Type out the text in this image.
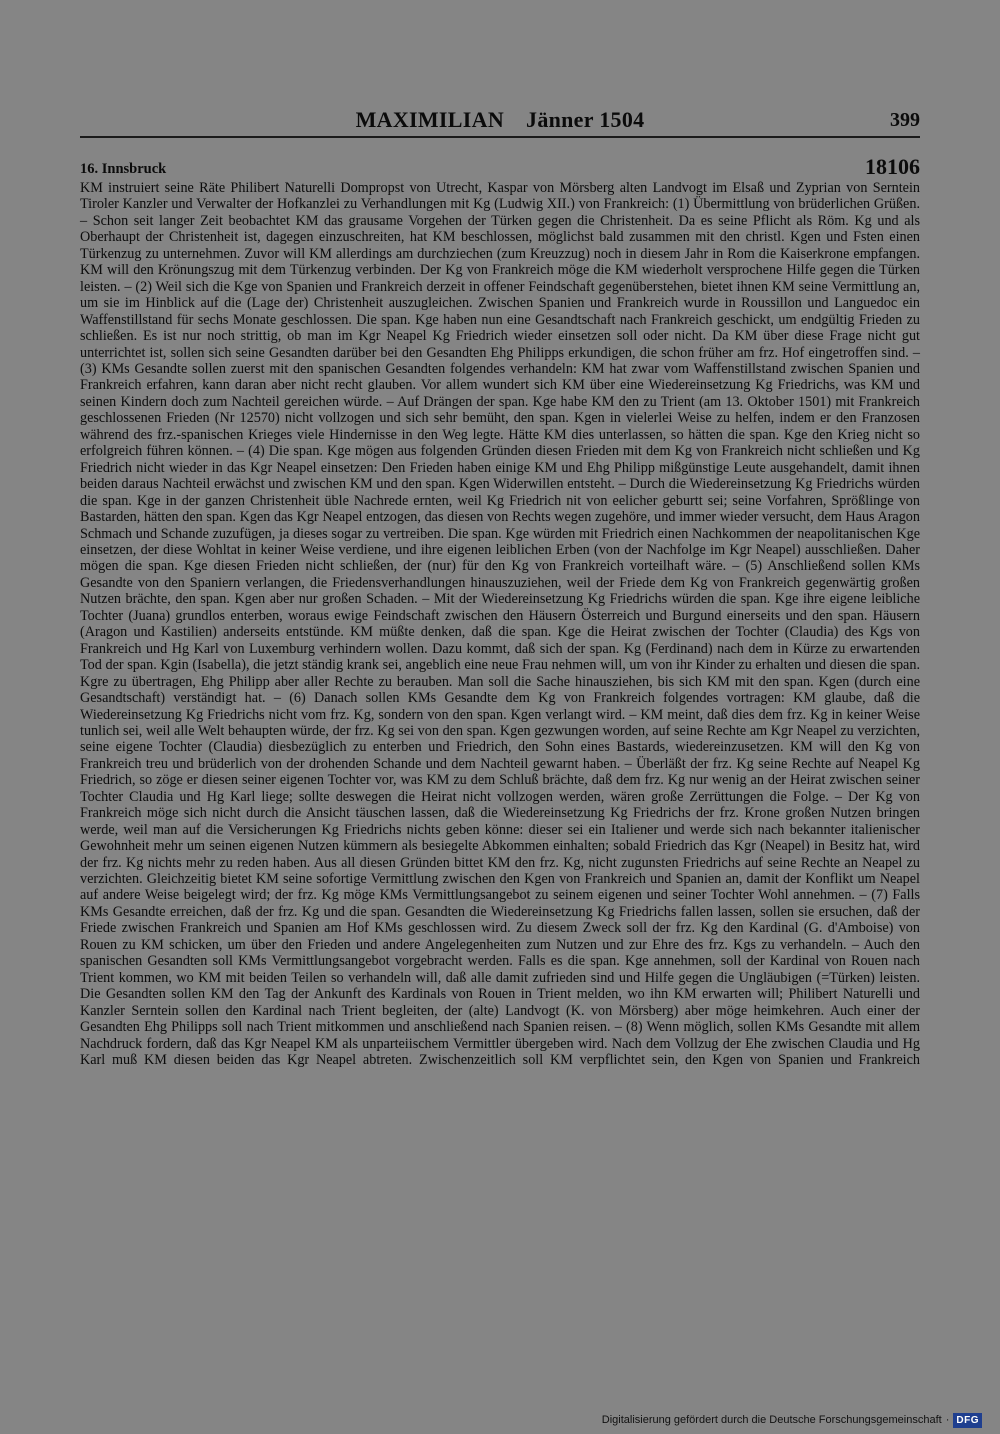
MAXIMILIAN Jänner 1504	399
16. Innsbruck	18106

KM instruiert seine Räte Philibert Naturelli Dompropst von Utrecht, Kaspar von Mörsberg alten Landvogt im Elsaß und Zyprian von Serntein Tiroler Kanzler und Verwalter der Hofkanzlei zu Verhandlungen mit Kg (Ludwig XII.) von Frankreich: (1) Übermittlung von brüderlichen Grüßen. – Schon seit langer Zeit beobachtet KM das grausame Vorgehen der Türken gegen die Christenheit. Da es seine Pflicht als Röm. Kg und als Oberhaupt der Christenheit ist, dagegen einzuschreiten, hat KM beschlossen, möglichst bald zusammen mit den christl. Kgen und Fsten einen Türkenzug zu unternehmen. Zuvor will KM allerdings am durchziechen (zum Kreuzzug) noch in diesem Jahr in Rom die Kaiserkrone empfangen. KM will den Krönungszug mit dem Türkenzug verbinden. Der Kg von Frankreich möge die KM wiederholt versprochene Hilfe gegen die Türken leisten. – (2) Weil sich die Kge von Spanien und Frankreich derzeit in offener Feindschaft gegenüberstehen, bietet ihnen KM seine Vermittlung an, um sie im Hinblick auf die (Lage der) Christenheit auszugleichen. Zwischen Spanien und Frankreich wurde in Roussillon und Languedoc ein Waffenstillstand für sechs Monate geschlossen. Die span. Kge haben nun eine Gesandtschaft nach Frankreich geschickt, um endgültig Frieden zu schließen. Es ist nur noch strittig, ob man im Kgr Neapel Kg Friedrich wieder einsetzen soll oder nicht. Da KM über diese Frage nicht gut unterrichtet ist, sollen sich seine Gesandten darüber bei den Gesandten Ehg Philipps erkundigen, die schon früher am frz. Hof eingetroffen sind. – (3) KMs Gesandte sollen zuerst mit den spanischen Gesandten folgendes verhandeln: KM hat zwar vom Waffenstillstand zwischen Spanien und Frankreich erfahren, kann daran aber nicht recht glauben. Vor allem wundert sich KM über eine Wiedereinsetzung Kg Friedrichs, was KM und seinen Kindern doch zum Nachteil gereichen würde. – Auf Drängen der span. Kge habe KM den zu Trient (am 13. Oktober 1501) mit Frankreich geschlossenen Frieden (Nr 12570) nicht vollzogen und sich sehr bemüht, den span. Kgen in vielerlei Weise zu helfen, indem er den Franzosen während des frz.-spanischen Krieges viele Hindernisse in den Weg legte. Hätte KM dies unterlassen, so hätten die span. Kge den Krieg nicht so erfolgreich führen können. – (4) Die span. Kge mögen aus folgenden Gründen diesen Frieden mit dem Kg von Frankreich nicht schließen und Kg Friedrich nicht wieder in das Kgr Neapel einsetzen: Den Frieden haben einige KM und Ehg Philipp mißgünstige Leute ausgehandelt, damit ihnen beiden daraus Nachteil erwächst und zwischen KM und den span. Kgen Widerwillen entsteht. – Durch die Wiedereinsetzung Kg Friedrichs würden die span. Kge in der ganzen Christenheit üble Nachrede ernten, weil Kg Friedrich nit von eelicher geburtt sei; seine Vorfahren, Sprößlinge von Bastarden, hätten den span. Kgen das Kgr Neapel entzogen, das diesen von Rechts wegen zugehöre, und immer wieder versucht, dem Haus Aragon Schmach und Schande zuzufügen, ja dieses sogar zu vertreiben. Die span. Kge würden mit Friedrich einen Nachkommen der neapolitanischen Kge einsetzen, der diese Wohltat in keiner Weise verdiene, und ihre eigenen leiblichen Erben (von der Nachfolge im Kgr Neapel) ausschließen. Daher mögen die span. Kge diesen Frieden nicht schließen, der (nur) für den Kg von Frankreich vorteilhaft wäre. – (5) Anschließend sollen KMs Gesandte von den Spaniern verlangen, die Friedensverhandlungen hinauszuziehen, weil der Friede dem Kg von Frankreich gegenwärtig großen Nutzen brächte, den span. Kgen aber nur großen Schaden. – Mit der Wiedereinsetzung Kg Friedrichs würden die span. Kge ihre eigene leibliche Tochter (Juana) grundlos enterben, woraus ewige Feindschaft zwischen den Häusern Österreich und Burgund einerseits und den span. Häusern (Aragon und Kastilien) anderseits entstünde. KM müßte denken, daß die span. Kge die Heirat zwischen der Tochter (Claudia) des Kgs von Frankreich und Hg Karl von Luxemburg verhindern wollen. Dazu kommt, daß sich der span. Kg (Ferdinand) nach dem in Kürze zu erwartenden Tod der span. Kgin (Isabella), die jetzt ständig krank sei, angeblich eine neue Frau nehmen will, um von ihr Kinder zu erhalten und diesen die span. Kgre zu übertragen, Ehg Philipp aber aller Rechte zu berauben. Man soll die Sache hinausziehen, bis sich KM mit den span. Kgen (durch eine Gesandtschaft) verständigt hat. – (6) Danach sollen KMs Gesandte dem Kg von Frankreich folgendes vortragen: KM glaube, daß die Wiedereinsetzung Kg Friedrichs nicht vom frz. Kg, sondern von den span. Kgen verlangt wird. – KM meint, daß dies dem frz. Kg in keiner Weise tunlich sei, weil alle Welt behaupten würde, der frz. Kg sei von den span. Kgen gezwungen worden, auf seine Rechte am Kgr Neapel zu verzichten, seine eigene Tochter (Claudia) diesbezüglich zu enterben und Friedrich, den Sohn eines Bastards, wiedereinzusetzen. KM will den Kg von Frankreich treu und brüderlich von der drohenden Schande und dem Nachteil gewarnt haben. – Überläßt der frz. Kg seine Rechte auf Neapel Kg Friedrich, so zöge er diesen seiner eigenen Tochter vor, was KM zu dem Schluß brächte, daß dem frz. Kg nur wenig an der Heirat zwischen seiner Tochter Claudia und Hg Karl liege; sollte deswegen die Heirat nicht vollzogen werden, wären große Zerrüttungen die Folge. – Der Kg von Frankreich möge sich nicht durch die Ansicht täuschen lassen, daß die Wiedereinsetzung Kg Friedrichs der frz. Krone großen Nutzen bringen werde, weil man auf die Versicherungen Kg Friedrichs nichts geben könne: dieser sei ein Italiener und werde sich nach bekannter italienischer Gewohnheit mehr um seinen eigenen Nutzen kümmern als besiegelte Abkommen einhalten; sobald Friedrich das Kgr (Neapel) in Besitz hat, wird der frz. Kg nichts mehr zu reden haben. Aus all diesen Gründen bittet KM den frz. Kg, nicht zugunsten Friedrichs auf seine Rechte an Neapel zu verzichten. Gleichzeitig bietet KM seine sofortige Vermittlung zwischen den Kgen von Frankreich und Spanien an, damit der Konflikt um Neapel auf andere Weise beigelegt wird; der frz. Kg möge KMs Vermittlungsangebot zu seinem eigenen und seiner Tochter Wohl annehmen. – (7) Falls KMs Gesandte erreichen, daß der frz. Kg und die span. Gesandten die Wiedereinsetzung Kg Friedrichs fallen lassen, sollen sie ersuchen, daß der Friede zwischen Frankreich und Spanien am Hof KMs geschlossen wird. Zu diesem Zweck soll der frz. Kg den Kardinal (G. d'Amboise) von Rouen zu KM schicken, um über den Frieden und andere Angelegenheiten zum Nutzen und zur Ehre des frz. Kgs zu verhandeln. – Auch den spanischen Gesandten soll KMs Vermittlungsangebot vorgebracht werden. Falls es die span. Kge annehmen, soll der Kardinal von Rouen nach Trient kommen, wo KM mit beiden Teilen so verhandeln will, daß alle damit zufrieden sind und Hilfe gegen die Ungläubigen (=Türken) leisten. Die Gesandten sollen KM den Tag der Ankunft des Kardinals von Rouen in Trient melden, wo ihn KM erwarten will; Philibert Naturelli und Kanzler Serntein sollen den Kardinal nach Trient begleiten, der (alte) Landvogt (K. von Mörsberg) aber möge heimkehren. Auch einer der Gesandten Ehg Philipps soll nach Trient mitkommen und anschließend nach Spanien reisen. – (8) Wenn möglich, sollen KMs Gesandte mit allem Nachdruck fordern, daß das Kgr Neapel KM als unparteiischem Vermittler übergeben wird. Nach dem Vollzug der Ehe zwischen Claudia und Hg Karl muß KM diesen beiden das Kgr Neapel abtreten. Zwischenzeitlich soll KM verpflichtet sein, den Kgen von Spanien und Frankreich

Digitalisierung gefördert durch die Deutsche Forschungsgemeinschaft · DFG
